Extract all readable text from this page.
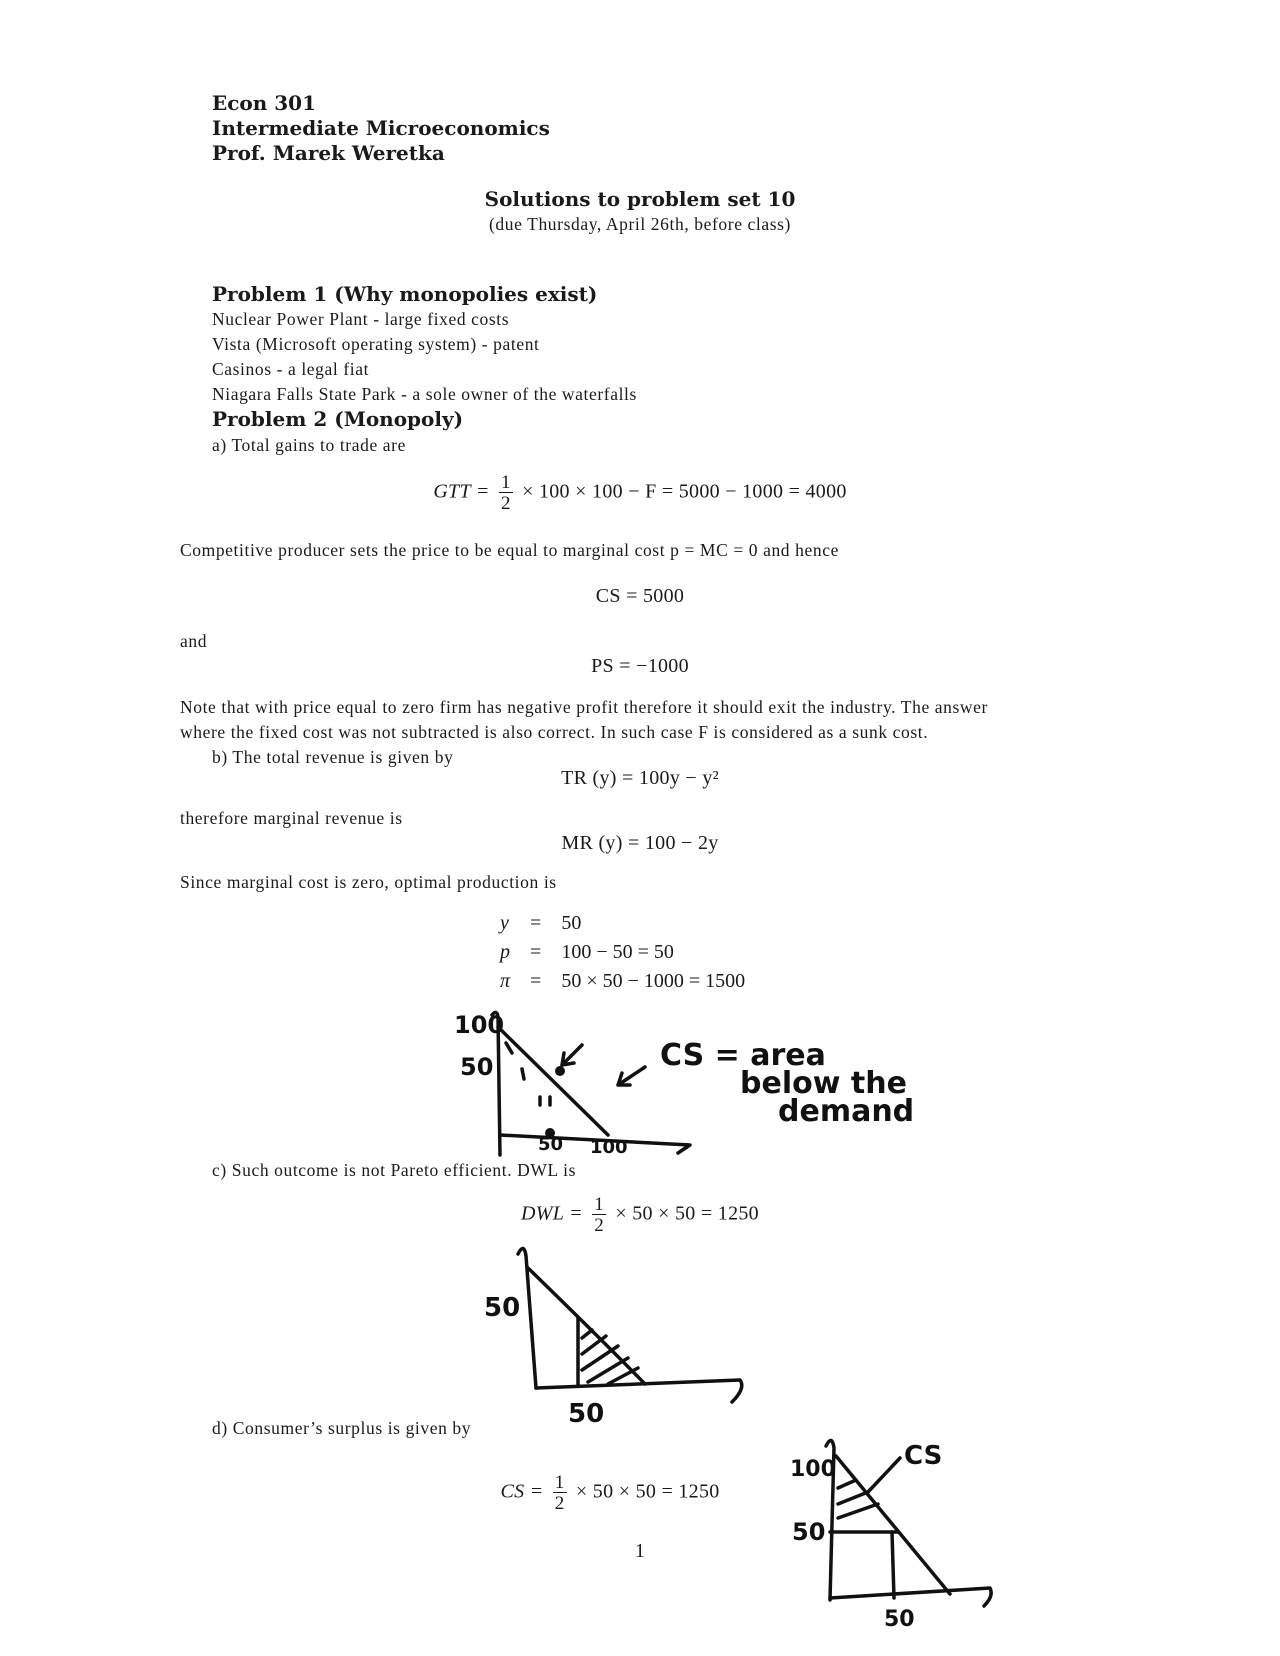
Econ 301
Intermediate Microeconomics
Prof. Marek Weretka
Solutions to problem set 10
(due Thursday, April 26th, before class)
Problem 1 (Why monopolies exist)
Nuclear Power Plant - large fixed costs
Vista (Microsoft operating system) - patent
Casinos - a legal fiat
Niagara Falls State Park - a sole owner of the waterfalls
Problem 2 (Monopoly)
a) Total gains to trade are
GTT = $\frac{1}{2} \times 100 \times 100 - F = 5000 - 1000 = 4000$
Competitive producer sets the price to be equal to marginal cost p = MC = 0 and hence
CS = 5000
and
PS = −1000
Note that with price equal to zero firm has negative profit therefore it should exit the industry. The answer
where the fixed cost was not subtracted is also correct. In such case F is considered as a sunk cost.
b) The total revenue is given by
TR (y) = 100y − y²
therefore marginal revenue is
MR (y) = 100 − 2y
Since marginal cost is zero, optimal production is
y	=	50
p	=	100 − 50 = 50
π	=	50 × 50 − 1000 = 1500
100
50
50 100
CS = area
below the
demand
c) Such outcome is not Pareto efficient. DWL is
DWL = $\frac{1}{2} \times 50 \times 50 = 1250$
50
50
d) Consumer’s surplus is given by
CS = $\frac{1}{2} \times 50 \times 50 = 1250$
100
50
50
CS
1
